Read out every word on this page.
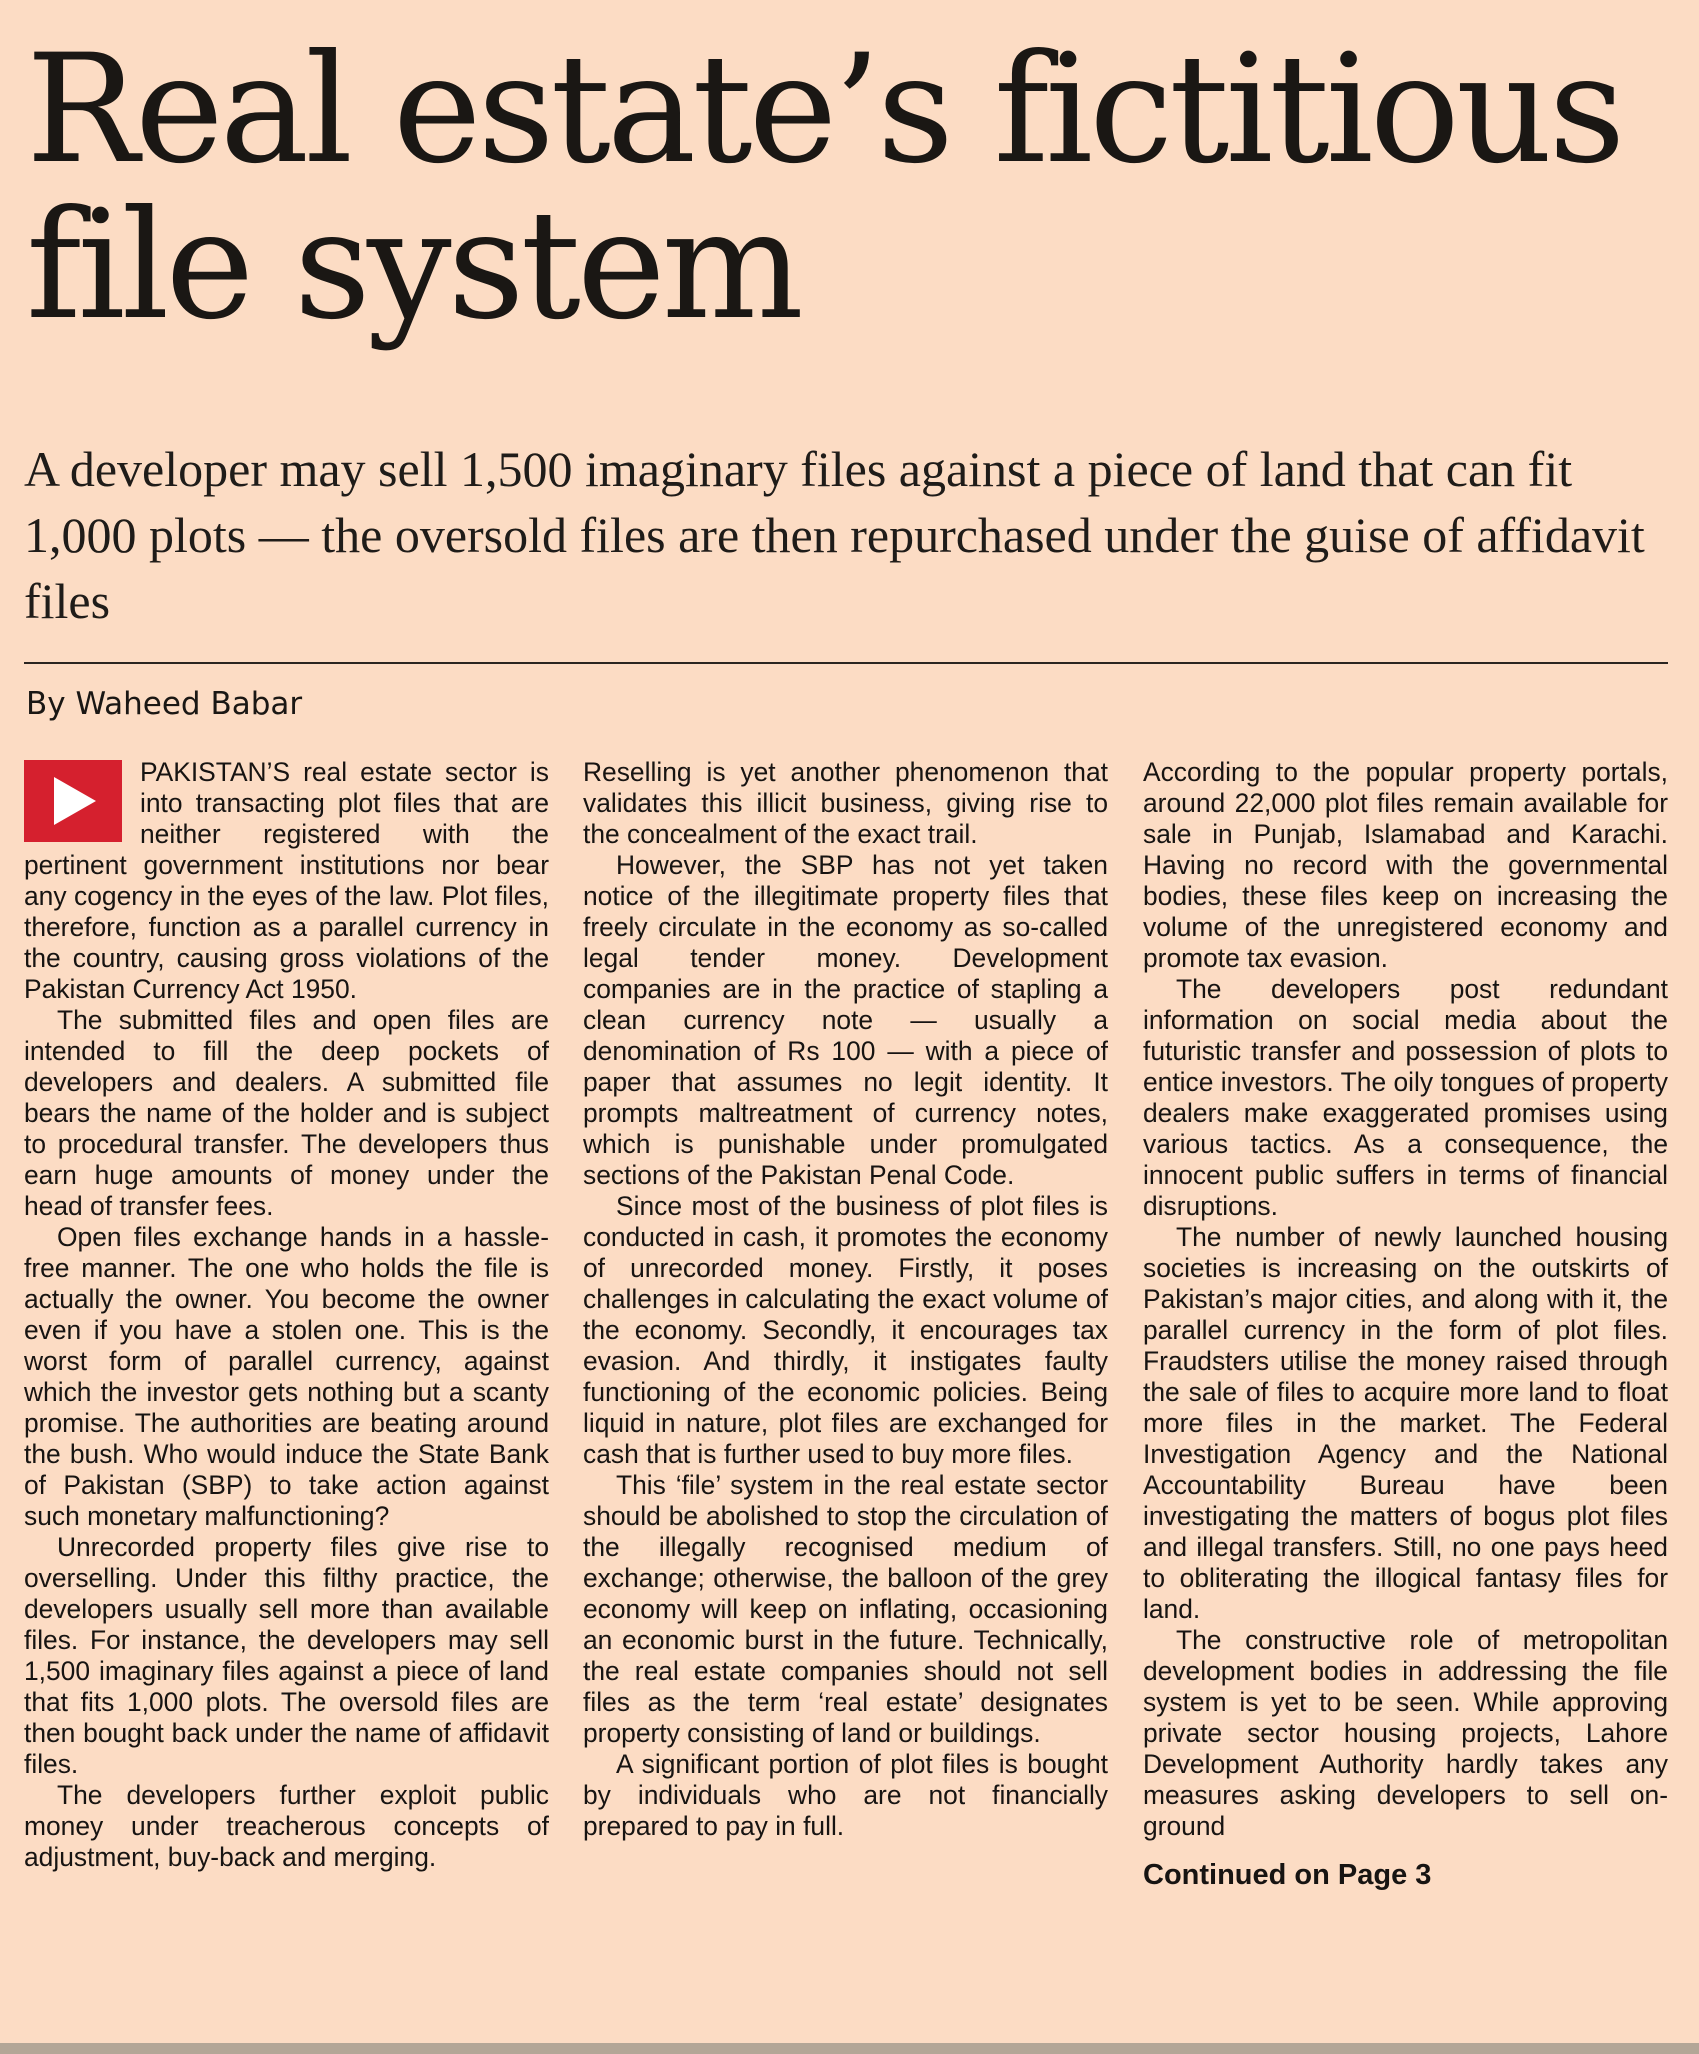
Real estate’s fictitious file system

A developer may sell 1,500 imaginary files against a piece of land that can fit 1,000 plots — the oversold files are then repurchased under the guise of affidavit files

By Waheed Babar

PAKISTAN’S real estate sector is into transacting plot files that are neither registered with the pertinent government institutions nor bear any cogency in the eyes of the law. Plot files, therefore, function as a parallel currency in the country, causing gross violations of the Pakistan Currency Act 1950.

The submitted files and open files are intended to fill the deep pockets of developers and dealers. A submitted file bears the name of the holder and is subject to procedural transfer. The developers thus earn huge amounts of money under the head of transfer fees.

Open files exchange hands in a hassle-free manner. The one who holds the file is actually the owner. You become the owner even if you have a stolen one. This is the worst form of parallel currency, against which the investor gets nothing but a scanty promise. The authorities are beating around the bush. Who would induce the State Bank of Pakistan (SBP) to take action against such monetary malfunctioning?

Unrecorded property files give rise to overselling. Under this filthy practice, the developers usually sell more than available files. For instance, the developers may sell 1,500 imaginary files against a piece of land that fits 1,000 plots. The oversold files are then bought back under the name of affidavit files.

The developers further exploit public money under treacherous concepts of adjustment, buy-back and merging.

Reselling is yet another phenomenon that validates this illicit business, giving rise to the concealment of the exact trail.

However, the SBP has not yet taken notice of the illegitimate property files that freely circulate in the economy as so-called legal tender money. Development companies are in the practice of stapling a clean currency note — usually a denomination of Rs 100 — with a piece of paper that assumes no legit identity. It prompts maltreatment of currency notes, which is punishable under promulgated sections of the Pakistan Penal Code.

Since most of the business of plot files is conducted in cash, it promotes the economy of unrecorded money. Firstly, it poses challenges in calculating the exact volume of the economy. Secondly, it encourages tax evasion. And thirdly, it instigates faulty functioning of the economic policies. Being liquid in nature, plot files are exchanged for cash that is further used to buy more files.

This ‘file’ system in the real estate sector should be abolished to stop the circulation of the illegally recognised medium of exchange; otherwise, the balloon of the grey economy will keep on inflating, occasioning an economic burst in the future. Technically, the real estate companies should not sell files as the term ‘real estate’ designates property consisting of land or buildings.

A significant portion of plot files is bought by individuals who are not financially prepared to pay in full.

According to the popular property portals, around 22,000 plot files remain available for sale in Punjab, Islamabad and Karachi. Having no record with the governmental bodies, these files keep on increasing the volume of the unregistered economy and promote tax evasion.

The developers post redundant information on social media about the futuristic transfer and possession of plots to entice investors. The oily tongues of property dealers make exaggerated promises using various tactics. As a consequence, the innocent public suffers in terms of financial disruptions.

The number of newly launched housing societies is increasing on the outskirts of Pakistan’s major cities, and along with it, the parallel currency in the form of plot files. Fraudsters utilise the money raised through the sale of files to acquire more land to float more files in the market. The Federal Investigation Agency and the National Accountability Bureau have been investigating the matters of bogus plot files and illegal transfers. Still, no one pays heed to obliterating the illogical fantasy files for land.

The constructive role of metropolitan development bodies in addressing the file system is yet to be seen. While approving private sector housing projects, Lahore Development Authority hardly takes any measures asking developers to sell on-ground

Continued on Page 3
